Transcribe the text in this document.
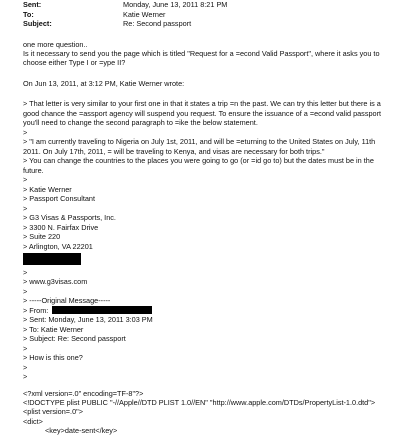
Sent:	Monday, June 13, 2011 8:21 PM
To:	Katie Werner
Subject:	Re: Second passport
one more question..
Is it necessary to send you the page which is titled "Request for a =econd Valid Passport", where it asks you to choose either Type I or =ype II?
On Jun 13, 2011, at 3:12 PM, Katie Werner wrote:
> That letter is very similar to your first one in that it states a trip =n the past. We can try this letter but there is a good chance the =assport agency will suspend you request. To ensure the issuance of a =econd valid passport you'll need to change the second paragraph to =ike the below statement.
>
> "I am currently traveling to Nigeria on July 1st, 2011, and will be =eturning to the United States on July, 11th 2011. On July 17th, 2011, = will be traveling to Kenya, and visas are necessary for both trips."
> You can change the countries to the places you were going to go (or =id go to) but the dates must be in the future.
>
> Katie Werner
> Passport Consultant
>
> G3 Visas & Passports, Inc.
> 3300 N. Fairfax Drive
> Suite 220
> Arlington, VA 22201
>
> www.g3visas.com
>
> -----Original Message-----
> From:
> Sent: Monday, June 13, 2011 3:03 PM
> To: Katie Werner
> Subject: Re: Second passport
>
> How is this one?
>
>
<?xml version=.0" encoding=TF-8"?>
<!DOCTYPE plist PUBLIC "-//Apple//DTD PLIST 1.0//EN" "http://www.apple.com/DTDs/PropertyList-1.0.dtd">
<plist version=.0">
<dict>
<key>date-sent</key>
